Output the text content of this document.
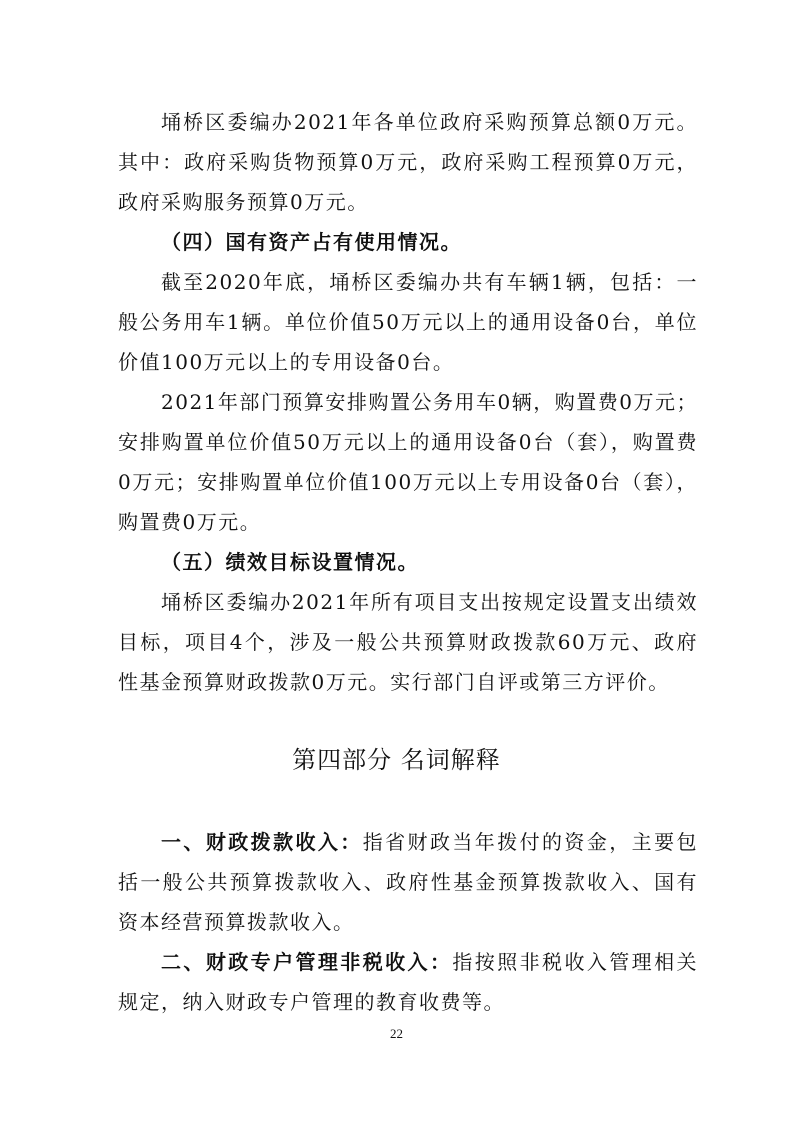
埇桥区委编办2021年各单位政府采购预算总额0万元。其中：政府采购货物预算0万元，政府采购工程预算0万元，政府采购服务预算0万元。

（四）国有资产占有使用情况。

截至2020年底，埇桥区委编办共有车辆1辆，包括：一般公务用车1辆。单位价值50万元以上的通用设备0台，单位价值100万元以上的专用设备0台。

2021年部门预算安排购置公务用车0辆，购置费0万元；安排购置单位价值50万元以上的通用设备0台（套），购置费0万元；安排购置单位价值100万元以上专用设备0台（套），购置费0万元。

（五）绩效目标设置情况。

埇桥区委编办2021年所有项目支出按规定设置支出绩效目标，项目4个，涉及一般公共预算财政拨款60万元、政府性基金预算财政拨款0万元。实行部门自评或第三方评价。

第四部分 名词解释

一、财政拨款收入：指省财政当年拨付的资金，主要包括一般公共预算拨款收入、政府性基金预算拨款收入、国有资本经营预算拨款收入。

二、财政专户管理非税收入：指按照非税收入管理相关规定，纳入财政专户管理的教育收费等。

22
